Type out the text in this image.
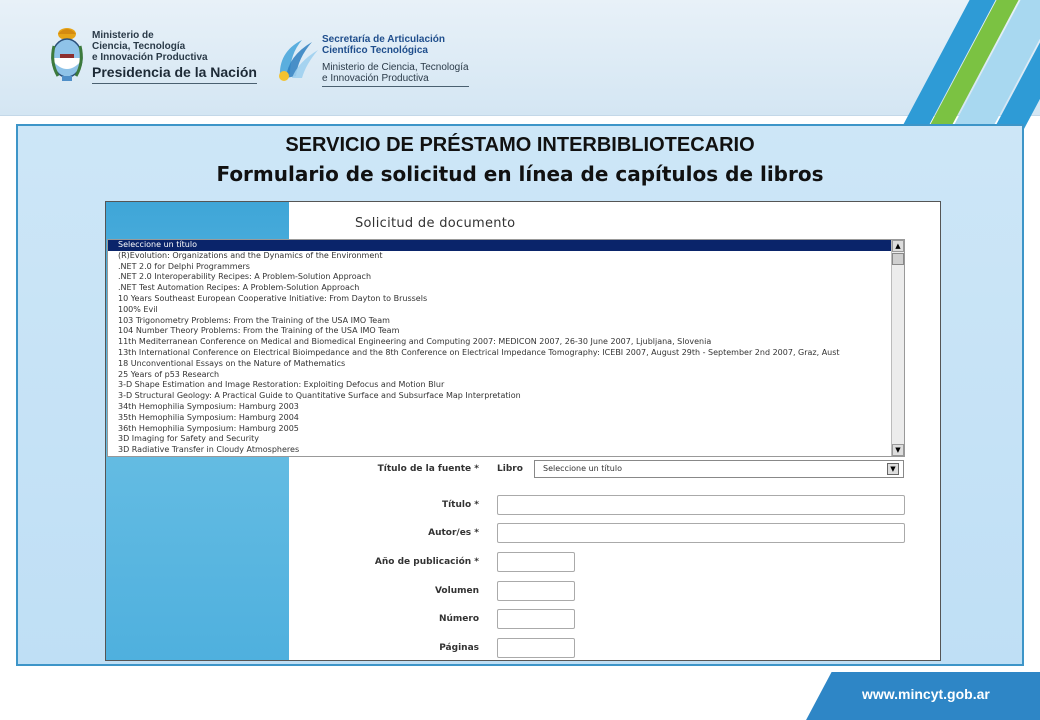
Ministerio de
Ciencia, Tecnología
e Innovación Productiva
Presidencia de la Nación
Secretaría de Articulación
Científico Tecnológica
Ministerio de Ciencia, Tecnología
e Innovación Productiva
SERVICIO DE PRÉSTAMO INTERBIBLIOTECARIO
Formulario de solicitud en línea de capítulos de libros
Solicitud de documento
Seleccione un título
(R)Evolution: Organizations and the Dynamics of the Environment
.NET 2.0 for Delphi Programmers
.NET 2.0 Interoperability Recipes: A Problem-Solution Approach
.NET Test Automation Recipes: A Problem-Solution Approach
10 Years Southeast European Cooperative Initiative: From Dayton to Brussels
100% Evil
103 Trigonometry Problems: From the Training of the USA IMO Team
104 Number Theory Problems: From the Training of the USA IMO Team
11th Mediterranean Conference on Medical and Biomedical Engineering and Computing 2007: MEDICON 2007, 26-30 June 2007, Ljubljana, Slovenia
13th International Conference on Electrical Bioimpedance and the 8th Conference on Electrical Impedance Tomography: ICEBI 2007, August 29th - September 2nd 2007, Graz, Aust
18 Unconventional Essays on the Nature of Mathematics
25 Years of p53 Research
3-D Shape Estimation and Image Restoration: Exploiting Defocus and Motion Blur
3-D Structural Geology: A Practical Guide to Quantitative Surface and Subsurface Map Interpretation
34th Hemophilia Symposium: Hamburg 2003
35th Hemophilia Symposium: Hamburg 2004
36th Hemophilia Symposium: Hamburg 2005
3D Imaging for Safety and Security
3D Radiative Transfer in Cloudy Atmospheres
▲
▼
Título de la fuente * Libro	Seleccione un título	▼
Título *
Autor/es *
Año de publicación *
Volumen
Número
Páginas
www.mincyt.gob.ar
